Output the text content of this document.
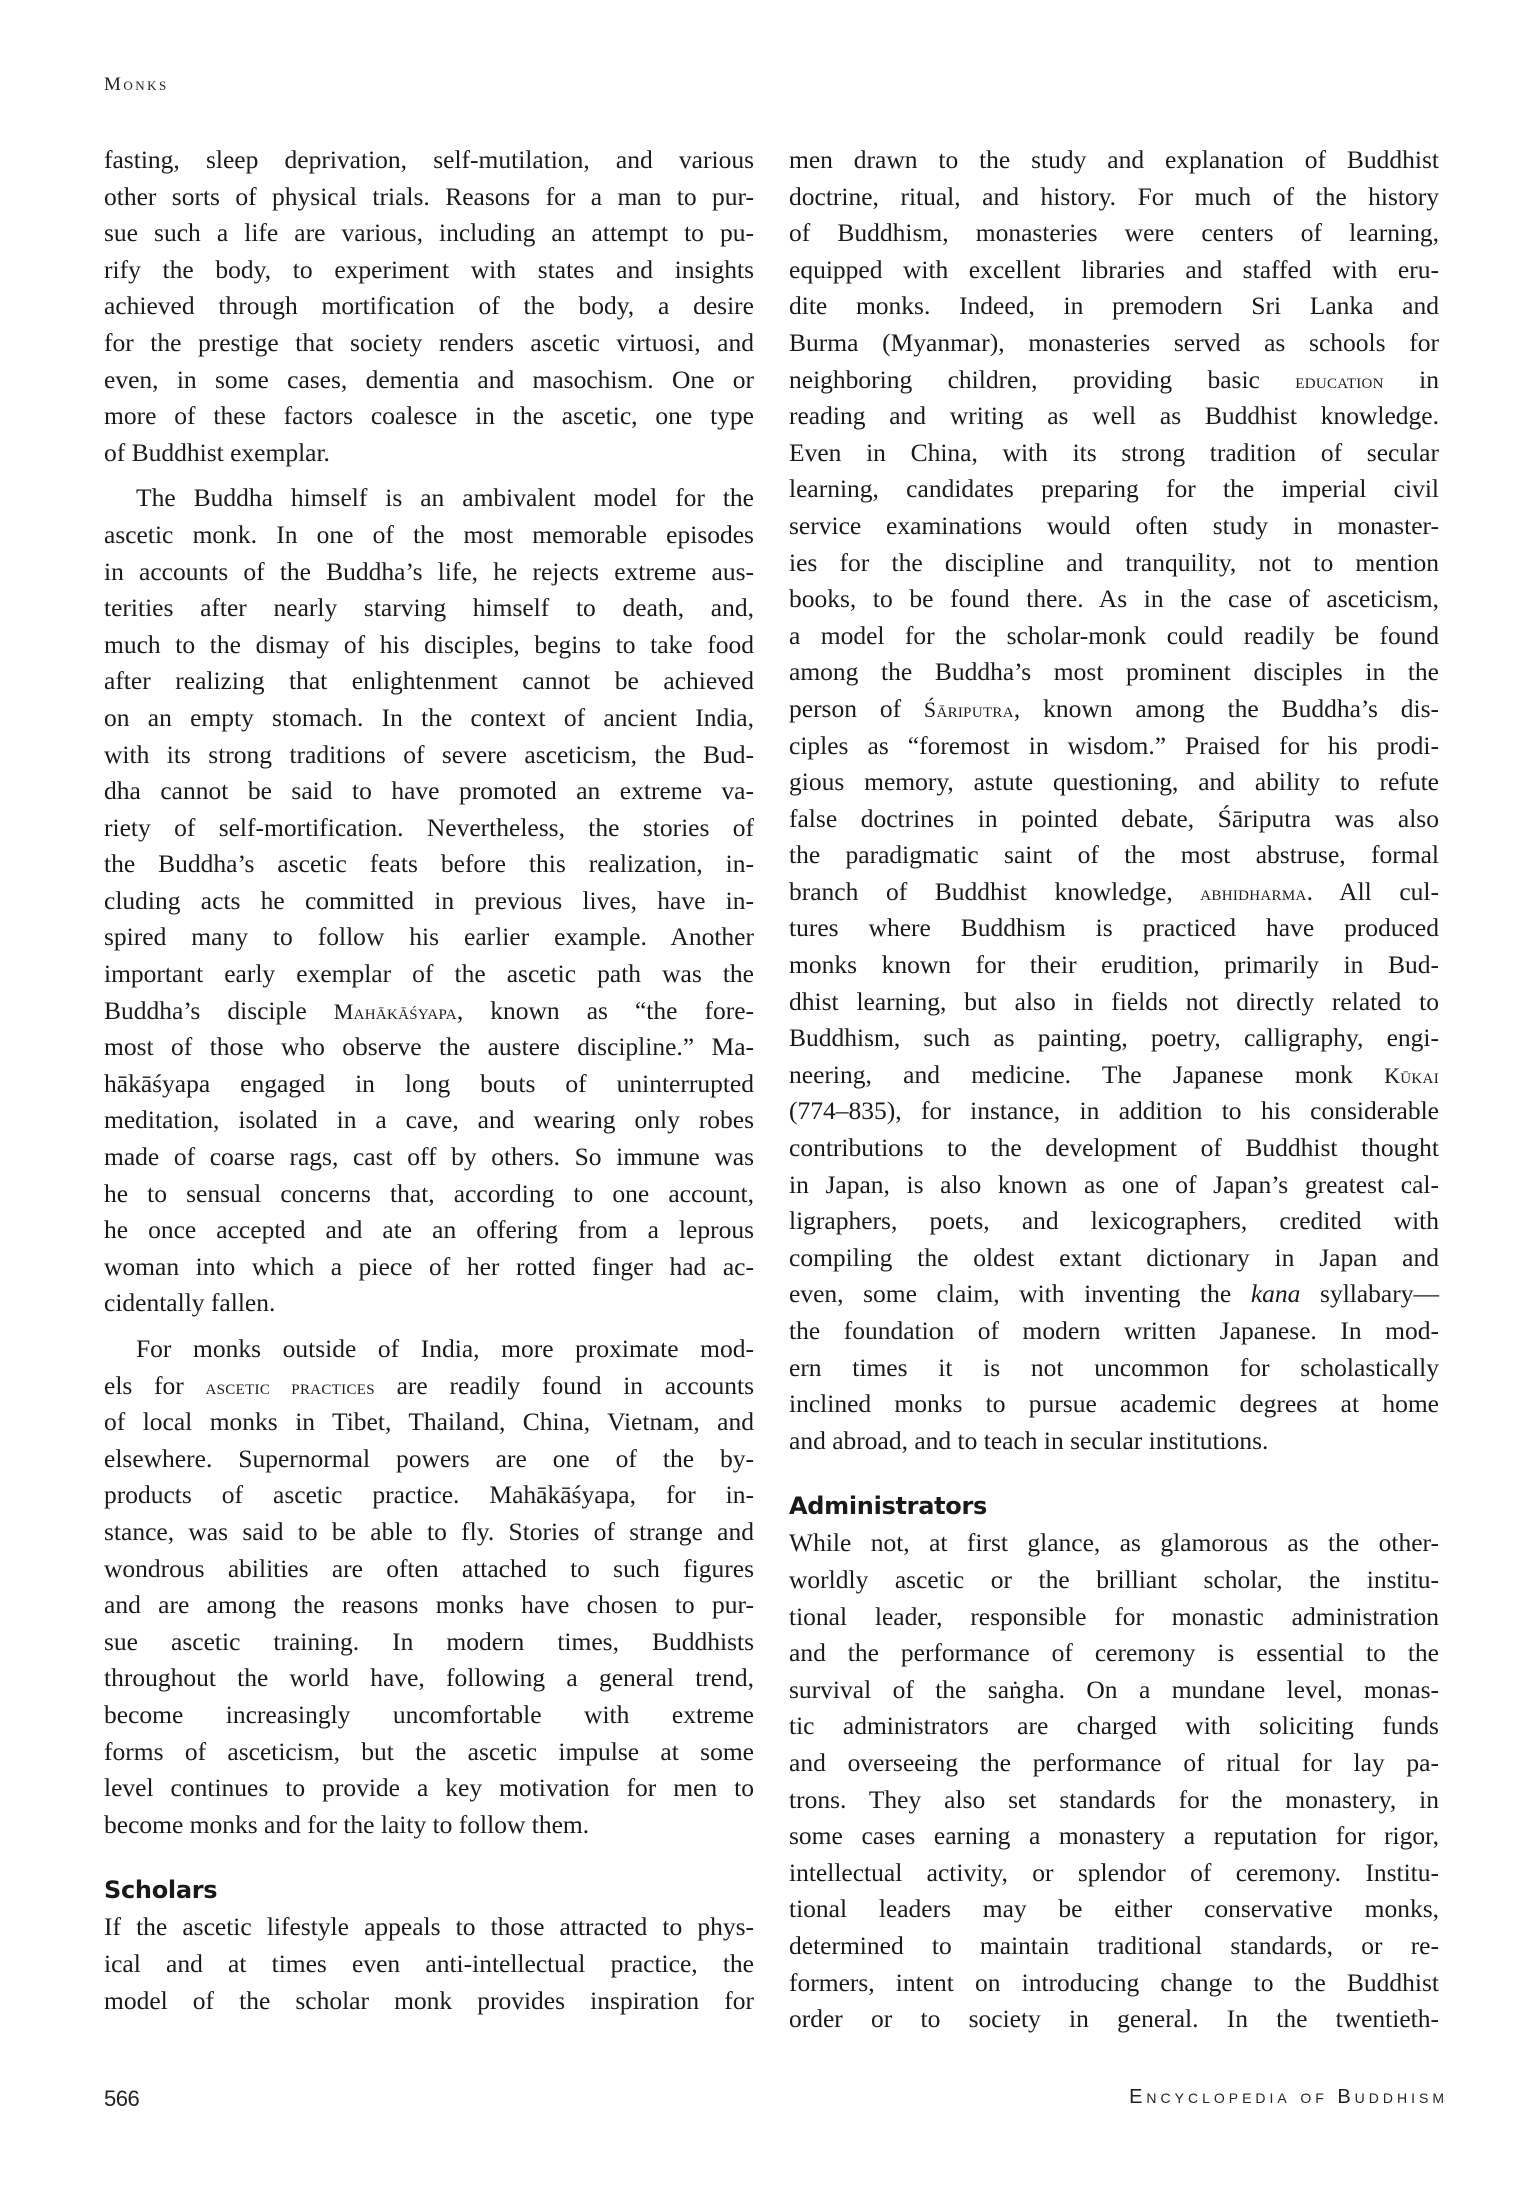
Monks
fasting, sleep deprivation, self-mutilation, and various
other sorts of physical trials. Reasons for a man to pur-
sue such a life are various, including an attempt to pu-
rify the body, to experiment with states and insights
achieved through mortification of the body, a desire
for the prestige that society renders ascetic virtuosi, and
even, in some cases, dementia and masochism. One or
more of these factors coalesce in the ascetic, one type
of Buddhist exemplar.
The Buddha himself is an ambivalent model for the
ascetic monk. In one of the most memorable episodes
in accounts of the Buddha’s life, he rejects extreme aus-
terities after nearly starving himself to death, and,
much to the dismay of his disciples, begins to take food
after realizing that enlightenment cannot be achieved
on an empty stomach. In the context of ancient India,
with its strong traditions of severe asceticism, the Bud-
dha cannot be said to have promoted an extreme va-
riety of self-mortification. Nevertheless, the stories of
the Buddha’s ascetic feats before this realization, in-
cluding acts he committed in previous lives, have in-
spired many to follow his earlier example. Another
important early exemplar of the ascetic path was the
Buddha’s disciple Mahākāśyapa, known as “the fore-
most of those who observe the austere discipline.” Ma-
hākāśyapa engaged in long bouts of uninterrupted
meditation, isolated in a cave, and wearing only robes
made of coarse rags, cast off by others. So immune was
he to sensual concerns that, according to one account,
he once accepted and ate an offering from a leprous
woman into which a piece of her rotted finger had ac-
cidentally fallen.
For monks outside of India, more proximate mod-
els for ascetic practices are readily found in accounts
of local monks in Tibet, Thailand, China, Vietnam, and
elsewhere. Supernormal powers are one of the by-
products of ascetic practice. Mahākāśyapa, for in-
stance, was said to be able to fly. Stories of strange and
wondrous abilities are often attached to such figures
and are among the reasons monks have chosen to pur-
sue ascetic training. In modern times, Buddhists
throughout the world have, following a general trend,
become increasingly uncomfortable with extreme
forms of asceticism, but the ascetic impulse at some
level continues to provide a key motivation for men to
become monks and for the laity to follow them.
Scholars
If the ascetic lifestyle appeals to those attracted to phys-
ical and at times even anti-intellectual practice, the
model of the scholar monk provides inspiration for
men drawn to the study and explanation of Buddhist
doctrine, ritual, and history. For much of the history
of Buddhism, monasteries were centers of learning,
equipped with excellent libraries and staffed with eru-
dite monks. Indeed, in premodern Sri Lanka and
Burma (Myanmar), monasteries served as schools for
neighboring children, providing basic education in
reading and writing as well as Buddhist knowledge.
Even in China, with its strong tradition of secular
learning, candidates preparing for the imperial civil
service examinations would often study in monaster-
ies for the discipline and tranquility, not to mention
books, to be found there. As in the case of asceticism,
a model for the scholar-monk could readily be found
among the Buddha’s most prominent disciples in the
person of Śāriputra, known among the Buddha’s dis-
ciples as “foremost in wisdom.” Praised for his prodi-
gious memory, astute questioning, and ability to refute
false doctrines in pointed debate, Śāriputra was also
the paradigmatic saint of the most abstruse, formal
branch of Buddhist knowledge, abhidharma. All cul-
tures where Buddhism is practiced have produced
monks known for their erudition, primarily in Bud-
dhist learning, but also in fields not directly related to
Buddhism, such as painting, poetry, calligraphy, engi-
neering, and medicine. The Japanese monk Kūkai
(774–835), for instance, in addition to his considerable
contributions to the development of Buddhist thought
in Japan, is also known as one of Japan’s greatest cal-
ligraphers, poets, and lexicographers, credited with
compiling the oldest extant dictionary in Japan and
even, some claim, with inventing the kana syllabary—
the foundation of modern written Japanese. In mod-
ern times it is not uncommon for scholastically
inclined monks to pursue academic degrees at home
and abroad, and to teach in secular institutions.
Administrators
While not, at first glance, as glamorous as the other-
worldly ascetic or the brilliant scholar, the institu-
tional leader, responsible for monastic administration
and the performance of ceremony is essential to the
survival of the saṅgha. On a mundane level, monas-
tic administrators are charged with soliciting funds
and overseeing the performance of ritual for lay pa-
trons. They also set standards for the monastery, in
some cases earning a monastery a reputation for rigor,
intellectual activity, or splendor of ceremony. Institu-
tional leaders may be either conservative monks,
determined to maintain traditional standards, or re-
formers, intent on introducing change to the Buddhist
order or to society in general. In the twentieth-
566	Encyclopedia of Buddhism
